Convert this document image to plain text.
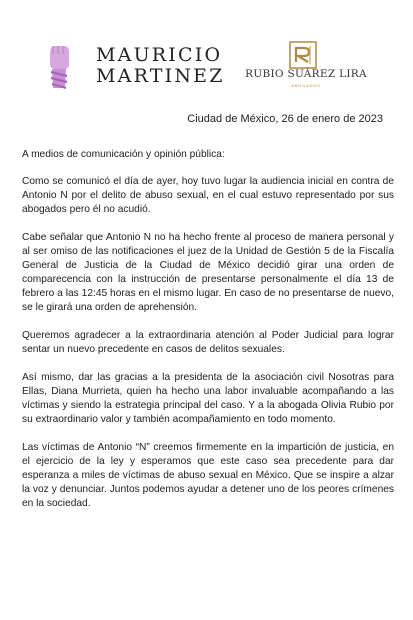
MAURICIO
MARTINEZ	RUBIO SUÁREZ LIRA
ABOGADOS
Ciudad de México, 26 de enero de 2023

A medios de comunicación y opinión pública:

Como se comunicó el día de ayer, hoy tuvo lugar la audiencia inicial en contra de Antonio N por el delito de abuso sexual, en el cual estuvo representado por sus abogados pero él no acudió.

Cabe señalar que Antonio N no ha hecho frente al proceso de manera personal y al ser omiso de las notificaciones el juez de la Unidad de Gestión 5 de la Fiscalía General de Justicia de la Ciudad de México decidió girar una orden de comparecencia con la instrucción de presentarse personalmente el día 13 de febrero a las 12:45 horas en el mismo lugar. En caso de no presentarse de nuevo, se le girará una orden de aprehensión.

Queremos agradecer a la extraordinaria atención al Poder Judicial para lograr sentar un nuevo precedente en casos de delitos sexuales.

Así mismo, dar las gracias a la presidenta de la asociación civil Nosotras para Ellas, Diana Murrieta, quien ha hecho una labor invaluable acompañando a las víctimas y siendo la estrategia principal del caso. Y a la abogada Olivia Rubio por su extraordinario valor y también acompañamiento en todo momento.

Las víctimas de Antonio “N” creemos firmemente en la impartición de justicia, en el ejercicio de la ley y esperamos que este caso sea precedente para dar esperanza a miles de víctimas de abuso sexual en México. Que se inspire a alzar la voz y denunciar. Juntos podemos ayudar a detener uno de los peores crímenes en la sociedad.
